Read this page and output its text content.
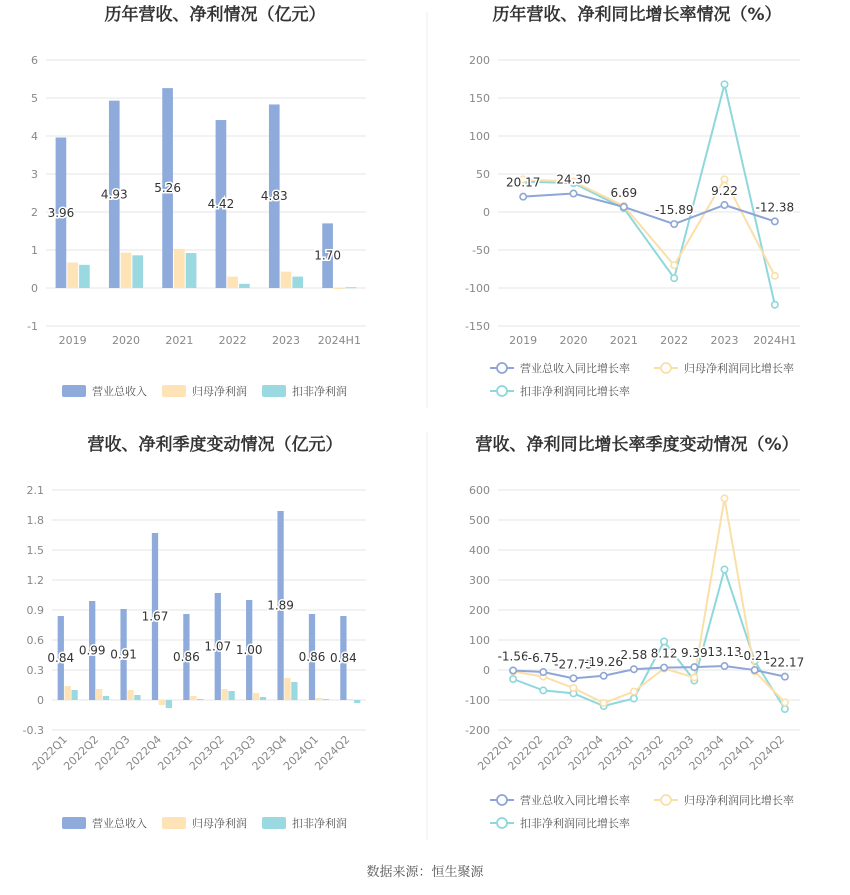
数据来源：恒生聚源
历年营收、净利情况（亿元）
-1
0
1
2
3
4
5
6
2019 2020 2021 2022 2023 2024H1
3.96
4.93 5.26
4.42
4.83
1.70
营业总收入	归母净利润	扣非净利润
历年营收、净利同比增长率情况（%）
-150
-100
-50
0
50
100
150
200
2019 2020 2021 2022 2023 2024H1
20.17 24.30
6.69
-15.89
9.22
-12.38
营业总收入同比增长率	归母净利润同比增长率
扣非净利润同比增长率
营收、净利季度变动情况（亿元）
-0.3
0
0.3
0.6
0.9
1.2
1.5
1.8
2.1
2022Q1
2022Q2
2022Q3
2022Q4
2023Q1
2023Q2
2023Q3
2023Q4
2024Q1
2024Q2
0.84
0.99 0.91
1.67
0.86
1.07 1.00
1.89
0.86 0.84
营业总收入	归母净利润	扣非净利润
营收、净利同比增长率季度变动情况（%）
-200
-100
0
100
200
300
400
500
600
2022Q1
2022Q2
2022Q3
2022Q4
2023Q1
2023Q2
2023Q3
2023Q4
2024Q1
2024Q2
-1.56 -6.75
-27.73
-19.26
2.58 8.12 9.39 13.13
-0.21
-22.17
营业总收入同比增长率	归母净利润同比增长率
扣非净利润同比增长率
